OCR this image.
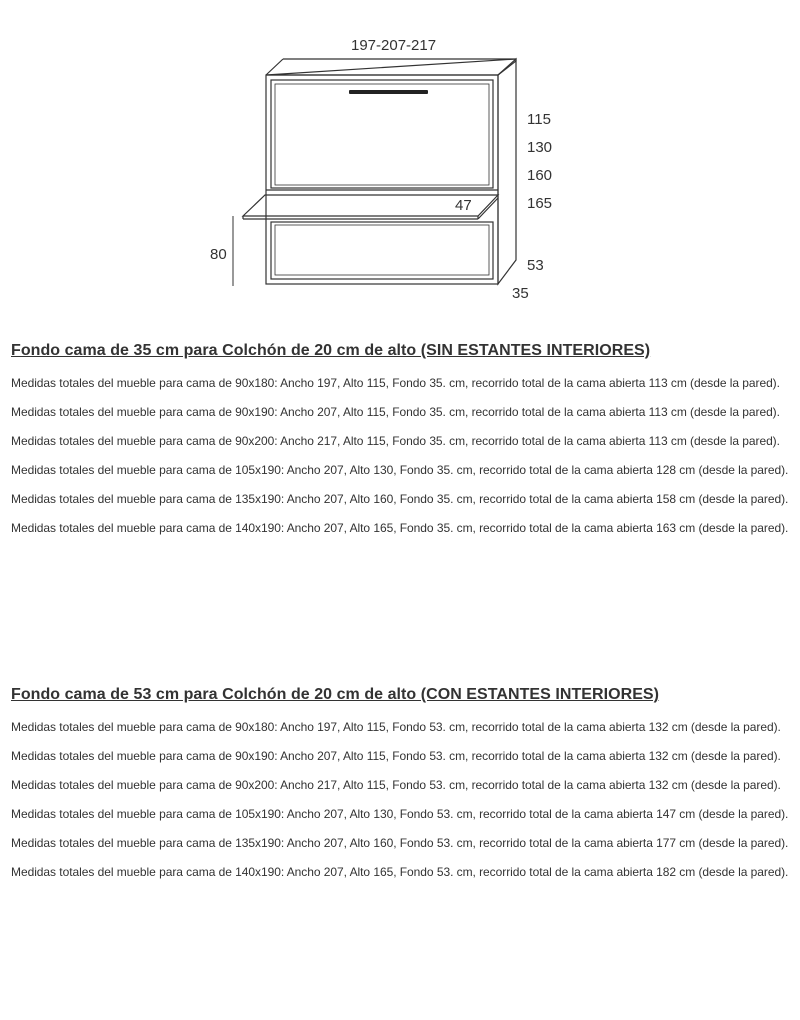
197-207-217
115
130
160
165
47
80
53
35
Fondo cama de 35 cm para Colchón de 20 cm de alto (SIN ESTANTES INTERIORES)

Medidas totales del mueble para cama de 90x180: Ancho 197, Alto 115, Fondo 35. cm, recorrido total de la cama abierta 113 cm (desde la pared).

Medidas totales del mueble para cama de 90x190: Ancho 207, Alto 115, Fondo 35. cm, recorrido total de la cama abierta 113 cm (desde la pared).

Medidas totales del mueble para cama de 90x200: Ancho 217, Alto 115, Fondo 35. cm, recorrido total de la cama abierta 113 cm (desde la pared).

Medidas totales del mueble para cama de 105x190: Ancho 207, Alto 130, Fondo 35. cm, recorrido total de la cama abierta 128 cm (desde la pared).

Medidas totales del mueble para cama de 135x190: Ancho 207, Alto 160, Fondo 35. cm, recorrido total de la cama abierta 158 cm (desde la pared).

Medidas totales del mueble para cama de 140x190: Ancho 207, Alto 165, Fondo 35. cm, recorrido total de la cama abierta 163 cm (desde la pared).

Fondo cama de 53 cm para Colchón de 20 cm de alto (CON ESTANTES INTERIORES)

Medidas totales del mueble para cama de 90x180: Ancho 197, Alto 115, Fondo 53. cm, recorrido total de la cama abierta 132 cm (desde la pared).

Medidas totales del mueble para cama de 90x190: Ancho 207, Alto 115, Fondo 53. cm, recorrido total de la cama abierta 132 cm (desde la pared).

Medidas totales del mueble para cama de 90x200: Ancho 217, Alto 115, Fondo 53. cm, recorrido total de la cama abierta 132 cm (desde la pared).

Medidas totales del mueble para cama de 105x190: Ancho 207, Alto 130, Fondo 53. cm, recorrido total de la cama abierta 147 cm (desde la pared).

Medidas totales del mueble para cama de 135x190: Ancho 207, Alto 160, Fondo 53. cm, recorrido total de la cama abierta 177 cm (desde la pared).

Medidas totales del mueble para cama de 140x190: Ancho 207, Alto 165, Fondo 53. cm, recorrido total de la cama abierta 182 cm (desde la pared).
